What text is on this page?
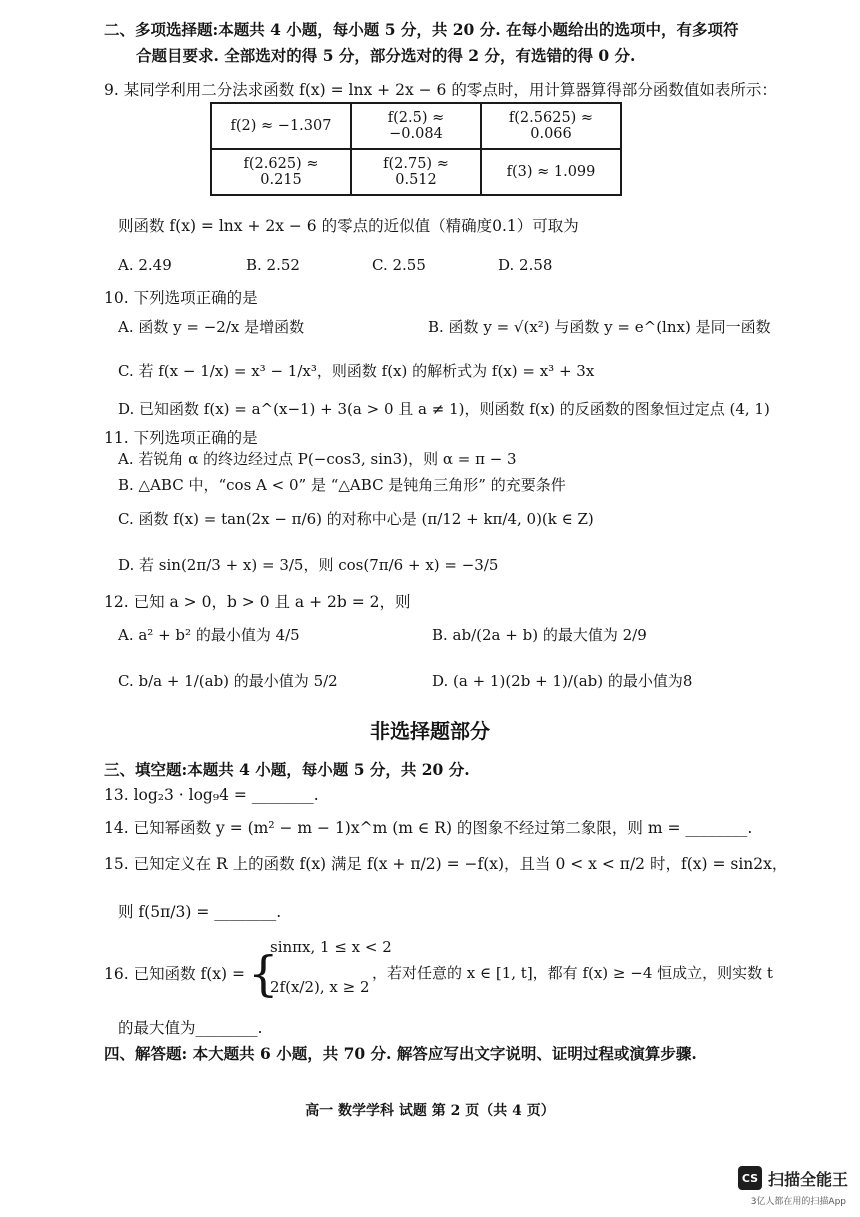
二、多项选择题:本题共 4 小题，每小题 5 分，共 20 分. 在每小题给出的选项中，有多项符
合题目要求. 全部选对的得 5 分，部分选对的得 2 分，有选错的得 0 分.
9. 某同学利用二分法求函数 f(x) = lnx + 2x − 6 的零点时，用计算器算得部分函数值如表所示：
f(2) ≈ −1.307	f(2.5) ≈ −0.084	f(2.5625) ≈ 0.066
f(2.625) ≈ 0.215	f(2.75) ≈ 0.512	f(3) ≈ 1.099
则函数 f(x) = lnx + 2x − 6 的零点的近似值（精确度0.1）可取为
A. 2.49	B. 2.52	C. 2.55	D. 2.58
10. 下列选项正确的是
A. 函数 y = −2/x 是增函数	B. 函数 y = √(x²) 与函数 y = e^(lnx) 是同一函数
C. 若 f(x − 1/x) = x³ − 1/x³，则函数 f(x) 的解析式为 f(x) = x³ + 3x
D. 已知函数 f(x) = a^(x−1) + 3(a > 0 且 a ≠ 1)，则函数 f(x) 的反函数的图象恒过定点 (4, 1)
11. 下列选项正确的是
A. 若锐角 α 的终边经过点 P(−cos3, sin3)，则 α = π − 3
B. △ABC 中，“cos A < 0” 是 “△ABC 是钝角三角形” 的充要条件
C. 函数 f(x) = tan(2x − π/6) 的对称中心是 (π/12 + kπ/4, 0)(k ∈ Z)
D. 若 sin(2π/3 + x) = 3/5，则 cos(7π/6 + x) = −3/5
12. 已知 a > 0，b > 0 且 a + 2b = 2，则
A. a² + b² 的最小值为 4/5	B. ab/(2a + b) 的最大值为 2/9
C. b/a + 1/(ab) 的最小值为 5/2	D. (a + 1)(2b + 1)/(ab) 的最小值为8
非选择题部分
三、填空题:本题共 4 小题，每小题 5 分，共 20 分.
13. log₂3 · log₉4 = ________.
14. 已知幂函数 y = (m² − m − 1)x^m (m ∈ R) 的图象不经过第二象限，则 m = ________.
15. 已知定义在 R 上的函数 f(x) 满足 f(x + π/2) = −f(x)，且当 0 < x < π/2 时，f(x) = sin2x，
则 f(5π/3) = ________.
16. 已知函数 f(x) = {
sinπx, 1 ≤ x < 2
2f(x/2), x ≥ 2
，若对任意的 x ∈ [1, t]，都有 f(x) ≥ −4 恒成立，则实数 t
的最大值为________.
四、解答题: 本大题共 6 小题，共 70 分. 解答应写出文字说明、证明过程或演算步骤.
高一 数学学科 试题 第 2 页（共 4 页）
CS 扫描全能王
3亿人都在用的扫描App
